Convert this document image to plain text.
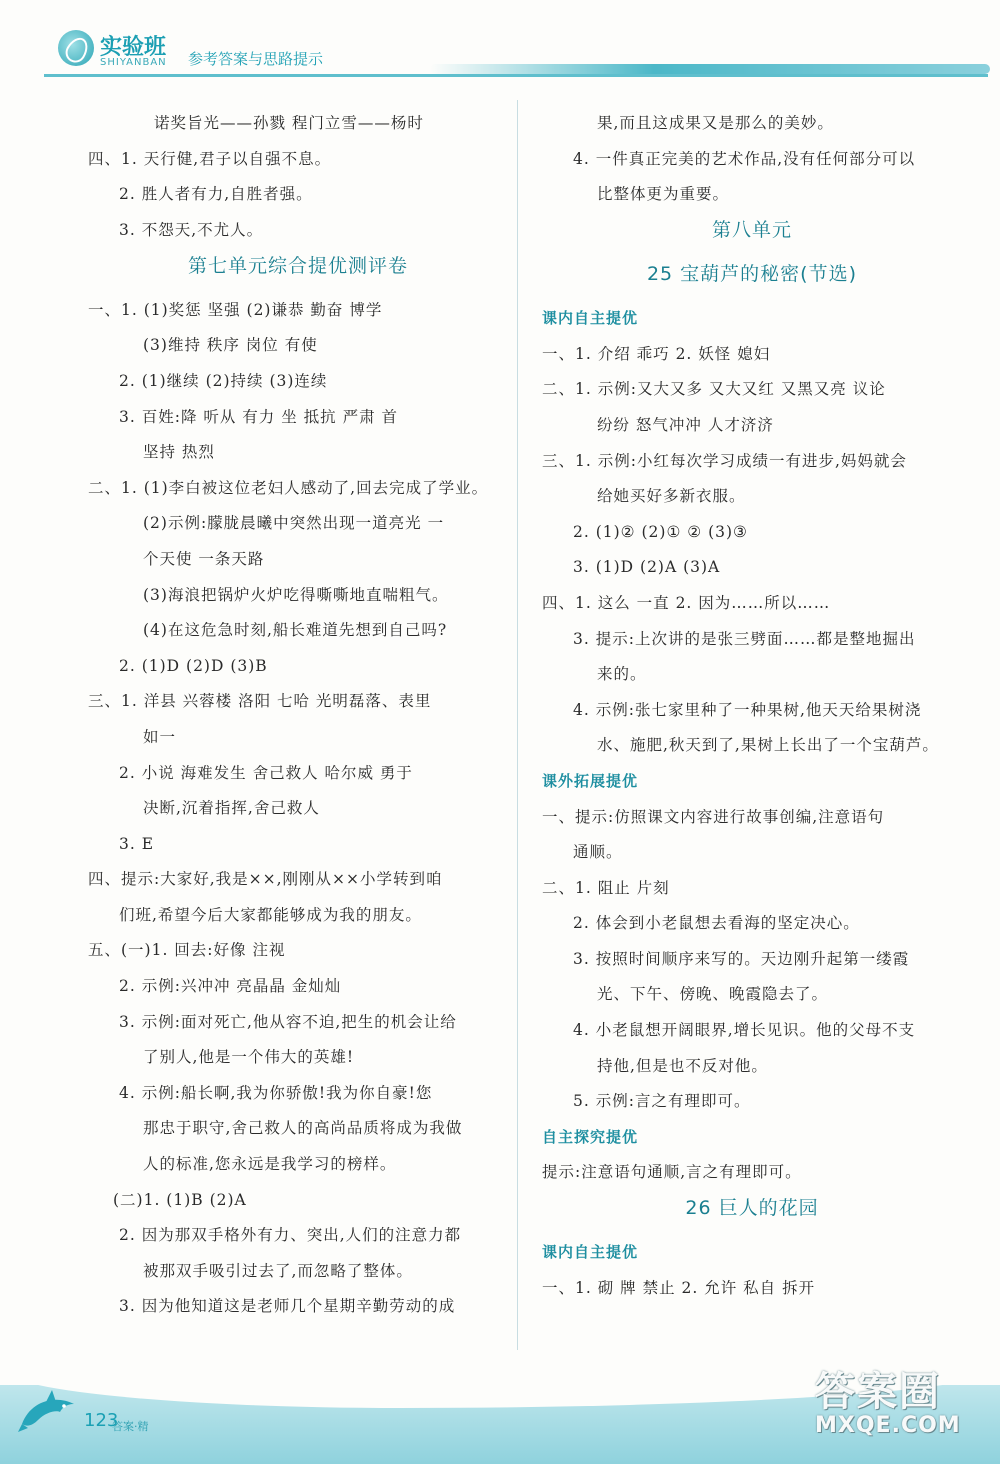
实验班
SHIYANBAN 参考答案与思路提示
诺奖旨光——孙戮 程门立雪——杨时
四、1. 天行健,君子以自强不息。
2. 胜人者有力,自胜者强。
3. 不怨天,不尤人。
第七单元综合提优测评卷
一、1. (1)奖惩 坚强 (2)谦恭 勤奋 博学
(3)维持 秩序 岗位 有使
2. (1)继续 (2)持续 (3)连续
3. 百姓:降 听从 有力 坐 抵抗 严肃 首
坚持 热烈
二、1. (1)李白被这位老妇人感动了,回去完成了学业。
(2)示例:朦胧晨曦中突然出现一道亮光 一
个天使 一条天路
(3)海浪把锅炉火炉吃得嘶嘶地直喘粗气。
(4)在这危急时刻,船长难道先想到自己吗?
2. (1)D (2)D (3)B
三、1. 洋县 兴蓉楼 洛阳 七哈 光明磊落、表里
如一
2. 小说 海难发生 舍己救人 哈尔威 勇于
决断,沉着指挥,舍己救人
3. E
四、提示:大家好,我是××,刚刚从××小学转到咱
们班,希望今后大家都能够成为我的朋友。
五、(一)1. 回去:好像 注视
2. 示例:兴冲冲 亮晶晶 金灿灿
3. 示例:面对死亡,他从容不迫,把生的机会让给
了别人,他是一个伟大的英雄!
4. 示例:船长啊,我为你骄傲!我为你自豪!您
那忠于职守,舍己救人的高尚品质将成为我做
人的标准,您永远是我学习的榜样。
(二)1. (1)B (2)A
2. 因为那双手格外有力、突出,人们的注意力都
被那双手吸引过去了,而忽略了整体。
3. 因为他知道这是老师几个星期辛勤劳动的成
果,而且这成果又是那么的美妙。
4. 一件真正完美的艺术作品,没有任何部分可以
比整体更为重要。
第八单元
25 宝葫芦的秘密(节选)
课内自主提优
一、1. 介绍 乖巧 2. 妖怪 媳妇
二、1. 示例:又大又多 又大又红 又黑又亮 议论
纷纷 怒气冲冲 人才济济
三、1. 示例:小红每次学习成绩一有进步,妈妈就会
给她买好多新衣服。
2. (1)② (2)① ② (3)③
3. (1)D (2)A (3)A
四、1. 这么 一直 2. 因为……所以……
3. 提示:上次讲的是张三劈面……都是整地掘出
来的。
4. 示例:张七家里种了一种果树,他天天给果树浇
水、施肥,秋天到了,果树上长出了一个宝葫芦。
课外拓展提优
一、提示:仿照课文内容进行故事创编,注意语句
通顺。
二、1. 阻止 片刻
2. 体会到小老鼠想去看海的坚定决心。
3. 按照时间顺序来写的。天边刚升起第一缕霞
光、下午、傍晚、晚霞隐去了。
4. 小老鼠想开阔眼界,增长见识。他的父母不支
持他,但是也不反对他。
5. 示例:言之有理即可。
自主探究提优
提示:注意语句通顺,言之有理即可。
26 巨人的花园
课内自主提优
一、1. 砌 牌 禁止 2. 允许 私自 拆开
123
答案·精
答案圈
MXQE.COM
